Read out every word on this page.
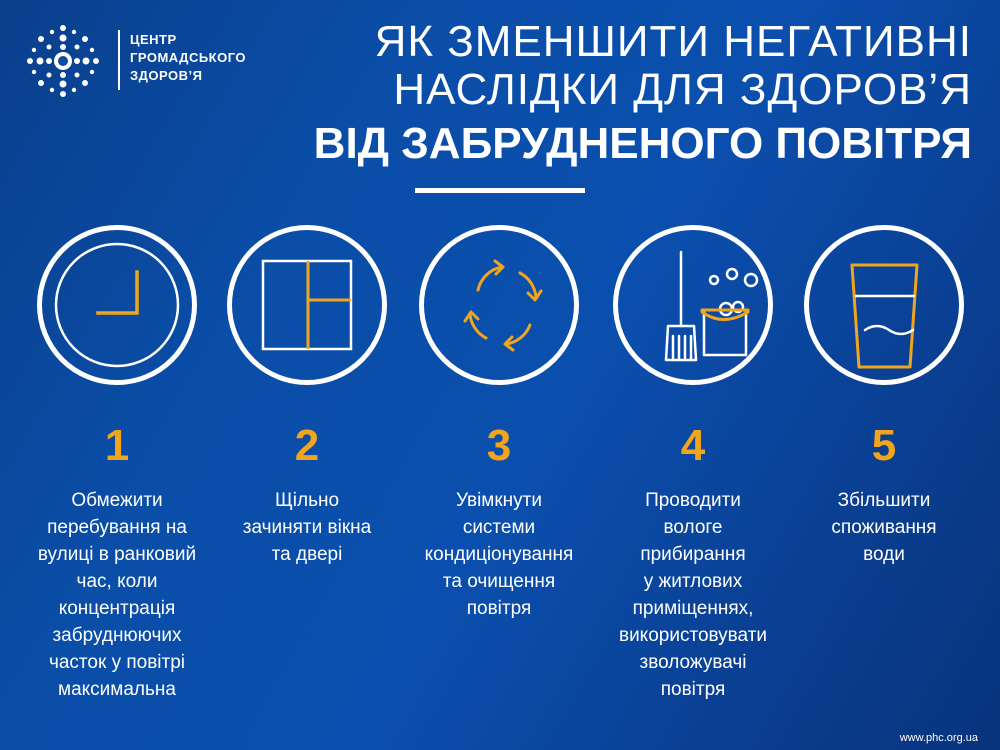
ЦЕНТР
ГРОМАДСЬКОГО
ЗДОРОВ’Я
ЯК ЗМЕНШИТИ НЕГАТИВНІ
НАСЛІДКИ ДЛЯ ЗДОРОВ’Я
ВІД ЗАБРУДНЕНОГО ПОВІТРЯ
1
Обмежити
перебування на
вулиці в ранковий
час, коли
концентрація
забруднюючих
часток у повітрі
максимальна
2
Щільно
зачиняти вікна
та двері
3
Увімкнути
системи
кондиціонування
та очищення
повітря
4
Проводити
вологе
прибирання
у житлових
приміщеннях,
використовувати
зволожувачі
повітря
5
Збільшити
споживання
води
www.phc.org.ua
